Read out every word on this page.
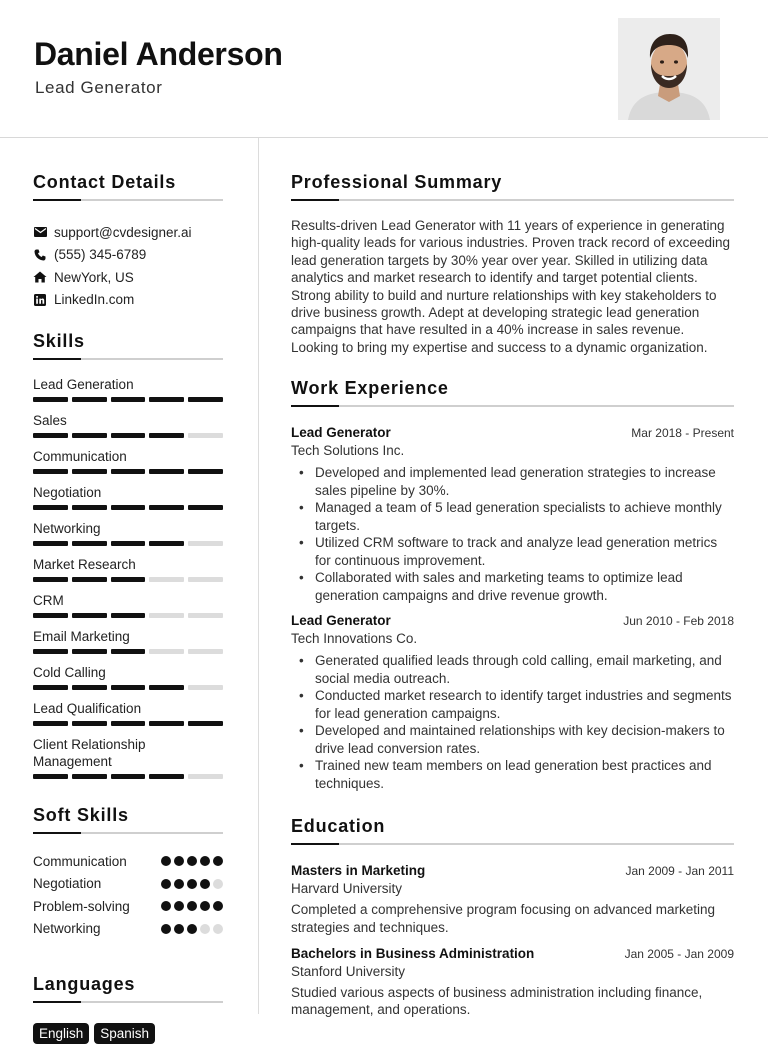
Daniel Anderson
Lead Generator
Contact Details
support@cvdesigner.ai
(555) 345-6789
NewYork, US
LinkedIn.com
Skills
Lead Generation
Sales
Communication
Negotiation
Networking
Market Research
CRM
Email Marketing
Cold Calling
Lead Qualification
Client Relationship Management
Soft Skills
Communication
Negotiation
Problem-solving
Networking
Languages
English	Spanish
Professional Summary

Results-driven Lead Generator with 11 years of experience in generating high-quality leads for various industries. Proven track record of exceeding lead generation targets by 30% year over year. Skilled in utilizing data analytics and market research to identify and target potential clients. Strong ability to build and nurture relationships with key stakeholders to drive business growth. Adept at developing strategic lead generation campaigns that have resulted in a 40% increase in sales revenue. Looking to bring my expertise and success to a dynamic organization.

Work Experience
Lead Generator	Mar 2018 - Present
Tech Solutions Inc.
• Developed and implemented lead generation strategies to increase sales pipeline by 30%.
• Managed a team of 5 lead generation specialists to achieve monthly targets.
• Utilized CRM software to track and analyze lead generation metrics for continuous improvement.
• Collaborated with sales and marketing teams to optimize lead generation campaigns and drive revenue growth.
Lead Generator	Jun 2010 - Feb 2018
Tech Innovations Co.
• Generated qualified leads through cold calling, email marketing, and social media outreach.
• Conducted market research to identify target industries and segments for lead generation campaigns.
• Developed and maintained relationships with key decision-makers to drive lead conversion rates.
• Trained new team members on lead generation best practices and techniques.
Education
Masters in Marketing	Jan 2009 - Jan 2011
Harvard University

Completed a comprehensive program focusing on advanced marketing strategies and techniques.

Bachelors in Business Administration	Jan 2005 - Jan 2009
Stanford University

Studied various aspects of business administration including finance, management, and operations.
